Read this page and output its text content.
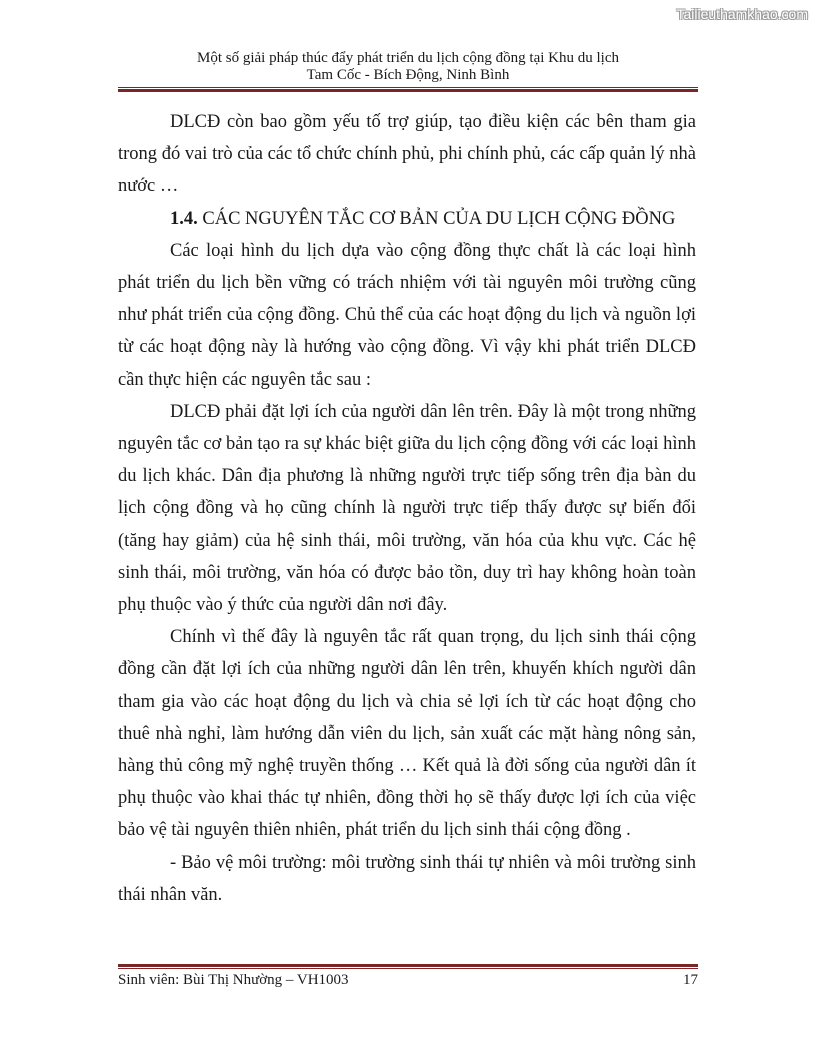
Tailieuthamkhao.com
Một số giải pháp thúc đẩy phát triển du lịch cộng đồng tại Khu du lịch
Tam Cốc - Bích Động, Ninh Bình

DLCĐ còn bao gồm yếu tố trợ giúp, tạo điều kiện các bên tham gia trong đó vai trò của các tổ chức chính phủ, phi chính phủ, các cấp quản lý nhà nước …

1.4. CÁC NGUYÊN TẮC CƠ BẢN CỦA DU LỊCH CỘNG ĐỒNG

Các loại hình du lịch dựa vào cộng đồng thực chất là các loại hình phát triển du lịch bền vững có trách nhiệm với tài nguyên môi trường cũng như phát triển của cộng đồng. Chủ thể của các hoạt động du lịch và nguồn lợi từ các hoạt động này là hướng vào cộng đồng. Vì vậy khi phát triển DLCĐ cần thực hiện các nguyên tắc sau :

DLCĐ phải đặt lợi ích của người dân lên trên. Đây là một trong những nguyên tắc cơ bản tạo ra sự khác biệt giữa du lịch cộng đồng với các loại hình du lịch khác. Dân địa phương là những người trực tiếp sống trên địa bàn du lịch cộng đồng và họ cũng chính là người trực tiếp thấy được sự biến đổi (tăng hay giảm) của hệ sinh thái, môi trường, văn hóa của khu vực. Các hệ sinh thái, môi trường, văn hóa có được bảo tồn, duy trì hay không hoàn toàn phụ thuộc vào ý thức của người dân nơi đây.

Chính vì thế đây là nguyên tắc rất quan trọng, du lịch sinh thái cộng đồng cần đặt lợi ích của những người dân lên trên, khuyến khích người dân tham gia vào các hoạt động du lịch và chia sẻ lợi ích từ các hoạt động cho thuê nhà nghỉ, làm hướng dẫn viên du lịch, sản xuất các mặt hàng nông sản, hàng thủ công mỹ nghệ truyền thống … Kết quả là đời sống của người dân ít phụ thuộc vào khai thác tự nhiên, đồng thời họ sẽ thấy được lợi ích của việc bảo vệ tài nguyên thiên nhiên, phát triển du lịch sinh thái cộng đồng .

- Bảo vệ môi trường: môi trường sinh thái tự nhiên và môi trường sinh thái nhân văn.

Sinh viên: Bùi Thị Nhường – VH1003	17
